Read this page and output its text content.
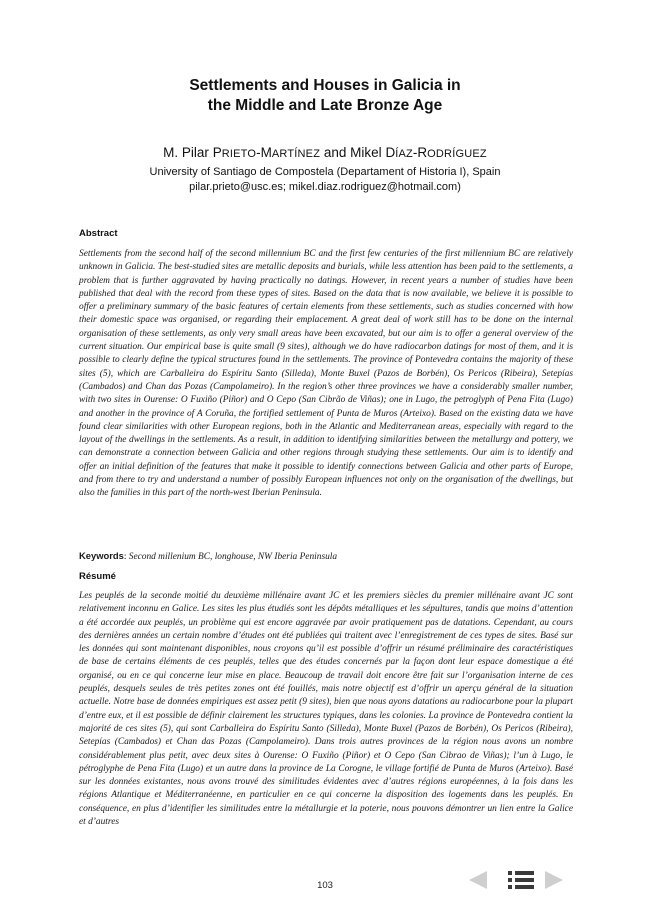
Settlements and Houses in Galicia in
the Middle and Late Bronze Age
M. Pilar PRIETO-MARTÍNEZ and Mikel DÍAZ-RODRÍGUEZ
University of Santiago de Compostela (Departament of Historia I), Spain
pilar.prieto@usc.es; mikel.diaz.rodriguez@hotmail.com)
Abstract
Settlements from the second half of the second millennium BC and the first few centuries of the first millennium BC are relatively unknown in Galicia. The best-studied sites are metallic deposits and burials, while less attention has been paid to the settlements, a problem that is further aggravated by having practically no datings. However, in recent years a number of studies have been published that deal with the record from these types of sites. Based on the data that is now available, we believe it is possible to offer a preliminary summary of the basic features of certain elements from these settlements, such as studies concerned with how their domestic space was organised, or regarding their emplacement. A great deal of work still has to be done on the internal organisation of these settlements, as only very small areas have been excavated, but our aim is to offer a general overview of the current situation. Our empirical base is quite small (9 sites), although we do have radiocarbon datings for most of them, and it is possible to clearly define the typical structures found in the settlements. The province of Pontevedra contains the majority of these sites (5), which are Carballeira do Espíritu Santo (Silleda), Monte Buxel (Pazos de Borbén), Os Pericos (Ribeira), Setepías (Cambados) and Chan das Pozas (Campolameiro). In the region’s other three provinces we have a considerably smaller number, with two sites in Ourense: O Fuxiño (Piñor) and O Cepo (San Cibrão de Viñas); one in Lugo, the petroglyph of Pena Fita (Lugo) and another in the province of A Coruña, the fortified settlement of Punta de Muros (Arteixo). Based on the existing data we have found clear similarities with other European regions, both in the Atlantic and Mediterranean areas, especially with regard to the layout of the dwellings in the settlements. As a result, in addition to identifying similarities between the metallurgy and pottery, we can demonstrate a connection between Galicia and other regions through studying these settlements. Our aim is to identify and offer an initial definition of the features that make it possible to identify connections between Galicia and other parts of Europe, and from there to try and understand a number of possibly European influences not only on the organisation of the dwellings, but also the families in this part of the north-west Iberian Peninsula.
Keywords: Second millenium BC, longhouse, NW Iberia Peninsula
Résumé
Les peuplés de la seconde moitié du deuxième millénaire avant JC et les premiers siècles du premier millénaire avant JC sont relativement inconnu en Galice. Les sites les plus étudiés sont les dépôts métalliques et les sépultures, tandis que moins d’attention a été accordée aux peuplés, un problème qui est encore aggravée par avoir pratiquement pas de datations. Cependant, au cours des dernières années un certain nombre d’études ont été publiées qui traitent avec l’enregistrement de ces types de sites. Basé sur les données qui sont maintenant disponibles, nous croyons qu’il est possible d’offrir un résumé préliminaire des caractéristiques de base de certains éléments de ces peuplés, telles que des études concernés par la façon dont leur espace domestique a été organisé, ou en ce qui concerne leur mise en place. Beaucoup de travail doit encore être fait sur l’organisation interne de ces peuplés, desquels seules de très petites zones ont été fouillés, mais notre objectif est d’offrir un aperçu général de la situation actuelle. Notre base de données empiriques est assez petit (9 sites), bien que nous ayons datations au radiocarbone pour la plupart d’entre eux, et il est possible de définir clairement les structures typiques, dans les colonies. La province de Pontevedra contient la majorité de ces sites (5), qui sont Carballeira do Espíritu Santo (Silleda), Monte Buxel (Pazos de Borbén), Os Pericos (Ribeira), Setepías (Cambados) et Chan das Pozas (Campolameiro). Dans trois autres provinces de la région nous avons un nombre considérablement plus petit, avec deux sites à Ourense: O Fuxiño (Piñor) et O Cepo (San Cibrao de Viñas); l’un à Lugo, le pétroglyphe de Pena Fita (Lugo) et un autre dans la province de La Corogne, le village fortifié de Punta de Muros (Arteixo). Basé sur les données existantes, nous avons trouvé des similitudes évidentes avec d’autres régions européennes, à la fois dans les régions Atlantique et Méditerranéenne, en particulier en ce qui concerne la disposition des logements dans les peuplés. En conséquence, en plus d’identifier les similitudes entre la métallurgie et la poterie, nous pouvons démontrer un lien entre la Galice et d’autres
103
